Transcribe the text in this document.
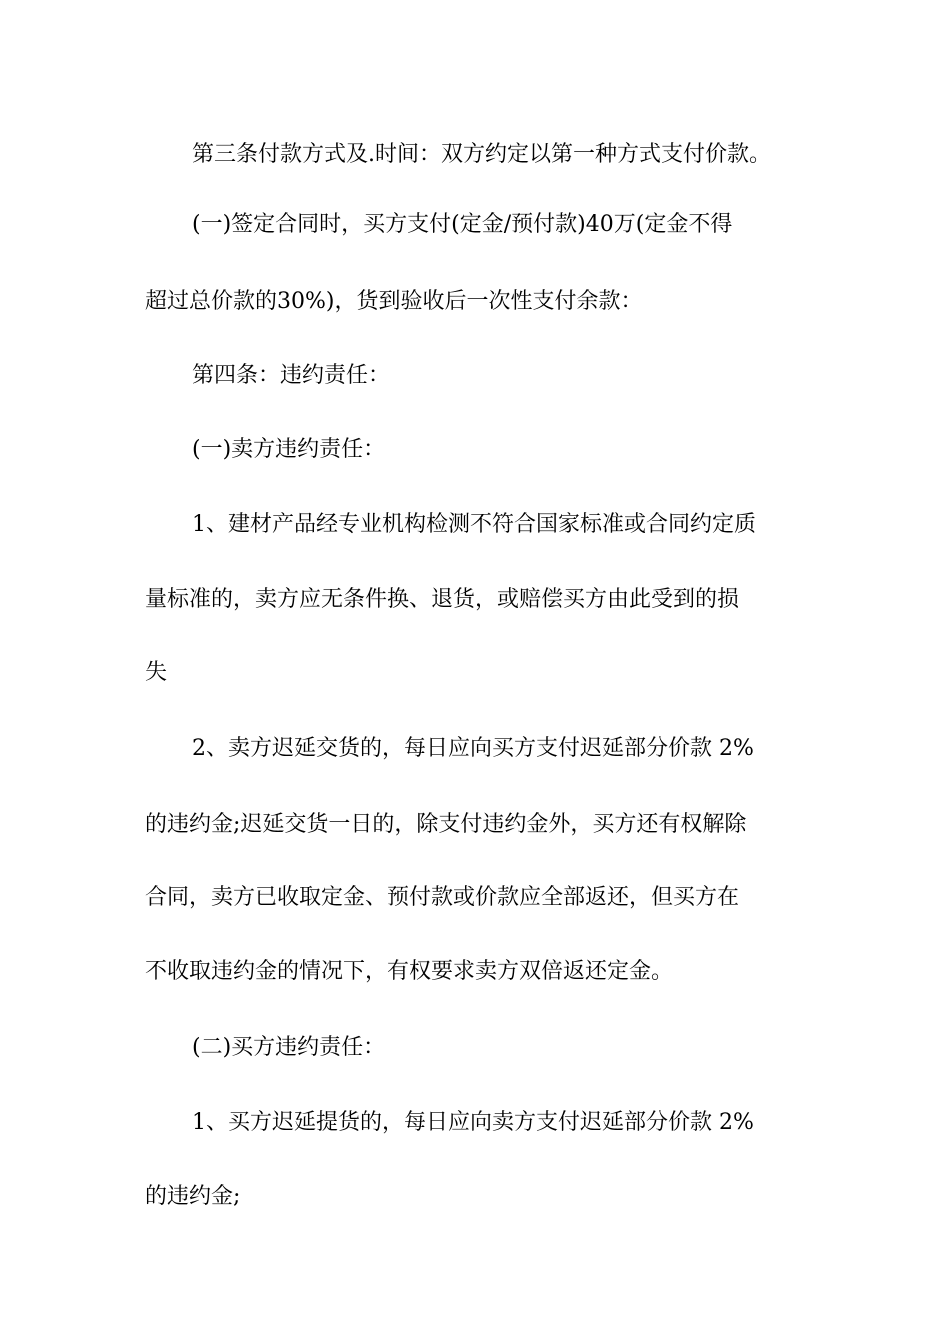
第三条付款方式及.时间：双方约定以第一种方式支付价款。
(一)签定合同时，买方支付(定金/预付款)40万(定金不得
超过总价款的30%)，货到验收后一次性支付余款：
第四条：违约责任：
(一)卖方违约责任：
1、建材产品经专业机构检测不符合国家标准或合同约定质
量标准的，卖方应无条件换、退货，或赔偿买方由此受到的损
失
2、卖方迟延交货的，每日应向买方支付迟延部分价款 2%
的违约金;迟延交货一日的，除支付违约金外，买方还有权解除
合同，卖方已收取定金、预付款或价款应全部返还，但买方在
不收取违约金的情况下，有权要求卖方双倍返还定金。
(二)买方违约责任：
1、买方迟延提货的，每日应向卖方支付迟延部分价款 2%
的违约金;
